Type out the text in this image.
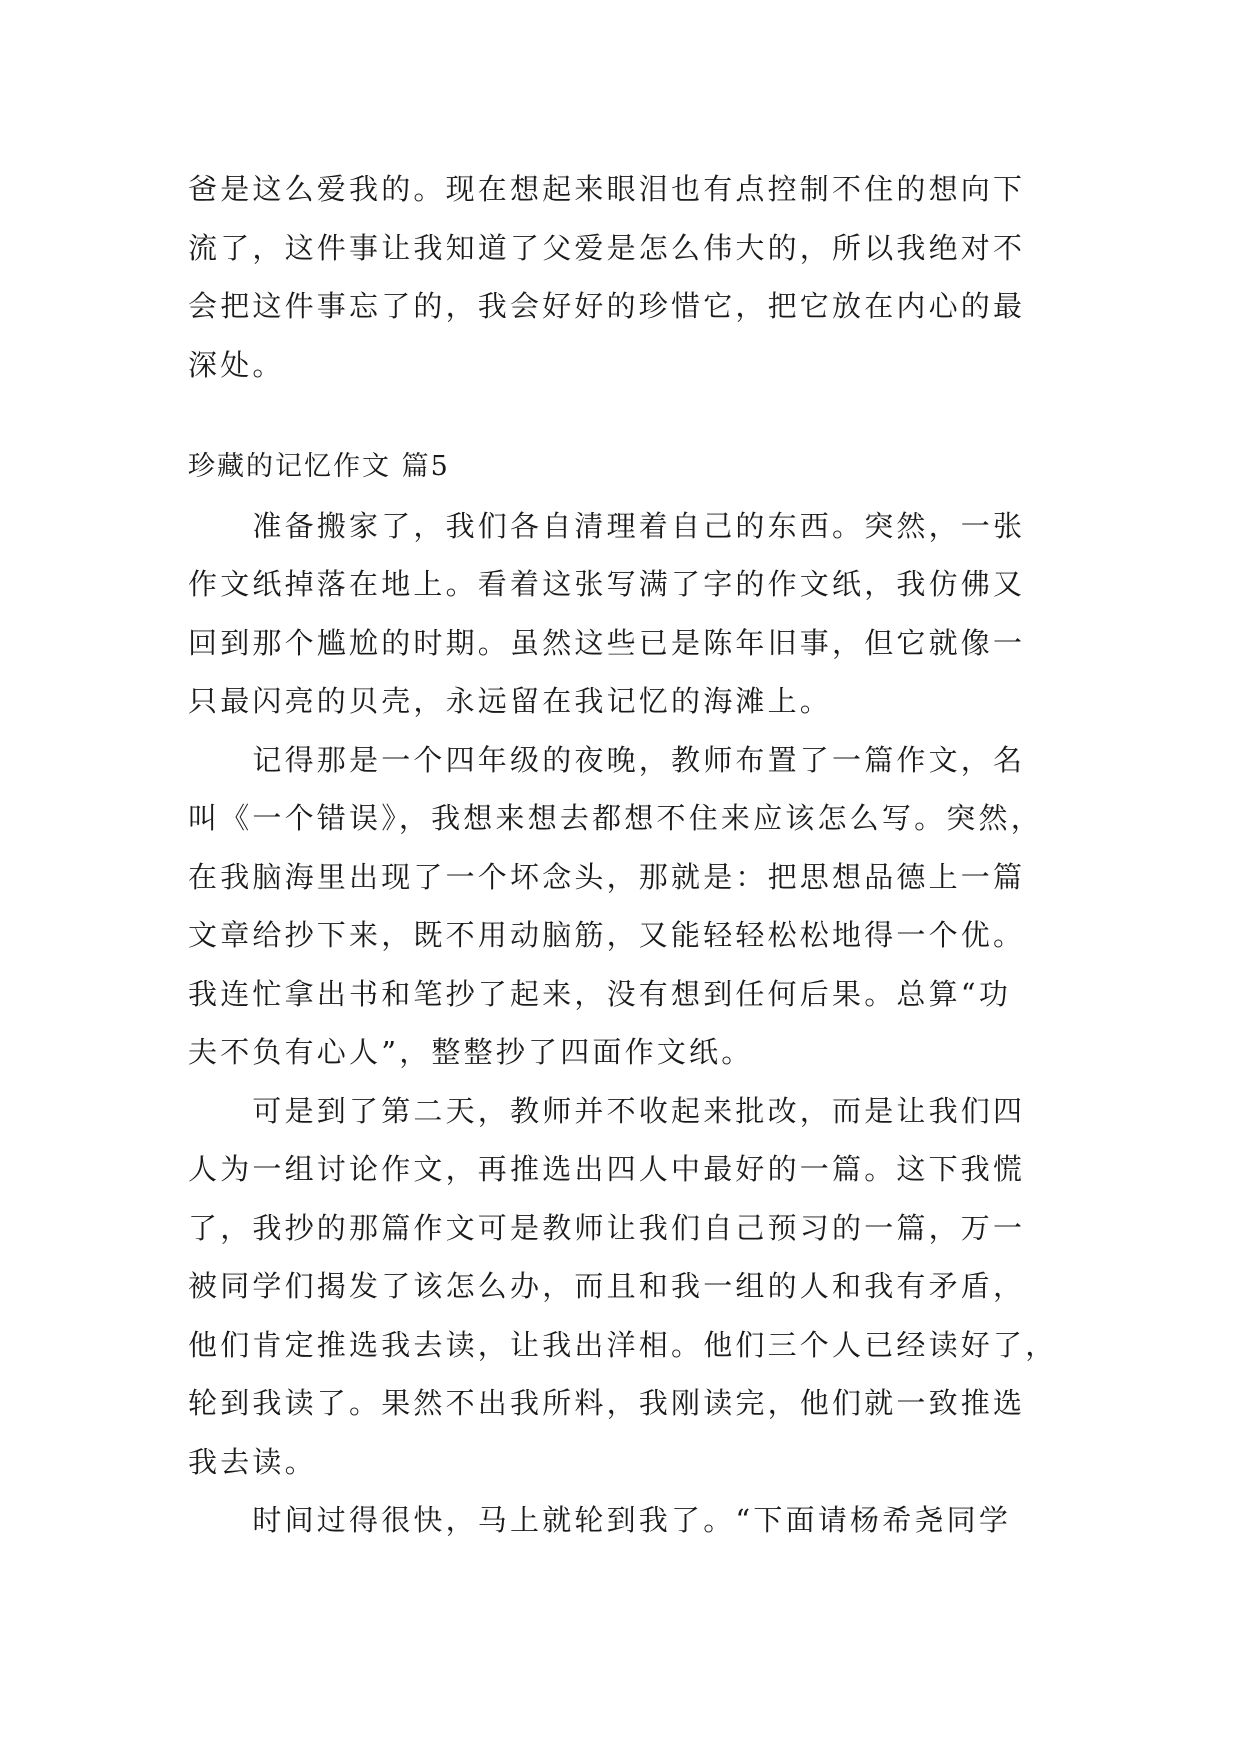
爸是这么爱我的。现在想起来眼泪也有点控制不住的想向下
流了，这件事让我知道了父爱是怎么伟大的，所以我绝对不
会把这件事忘了的，我会好好的珍惜它，把它放在内心的最
深处。
珍藏的记忆作文 篇5
　　准备搬家了，我们各自清理着自己的东西。突然，一张
作文纸掉落在地上。看着这张写满了字的作文纸，我仿佛又
回到那个尴尬的时期。虽然这些已是陈年旧事，但它就像一
只最闪亮的贝壳，永远留在我记忆的海滩上。
　　记得那是一个四年级的夜晚，教师布置了一篇作文，名
叫《一个错误》，我想来想去都想不住来应该怎么写。突然，
在我脑海里出现了一个坏念头，那就是：把思想品德上一篇
文章给抄下来，既不用动脑筋，又能轻轻松松地得一个优。
我连忙拿出书和笔抄了起来，没有想到任何后果。总算“功
夫不负有心人”，整整抄了四面作文纸。
　　可是到了第二天，教师并不收起来批改，而是让我们四
人为一组讨论作文，再推选出四人中最好的一篇。这下我慌
了，我抄的那篇作文可是教师让我们自己预习的一篇，万一
被同学们揭发了该怎么办，而且和我一组的人和我有矛盾，
他们肯定推选我去读，让我出洋相。他们三个人已经读好了，
轮到我读了。果然不出我所料，我刚读完，他们就一致推选
我去读。
　　时间过得很快，马上就轮到我了。“下面请杨希尧同学
